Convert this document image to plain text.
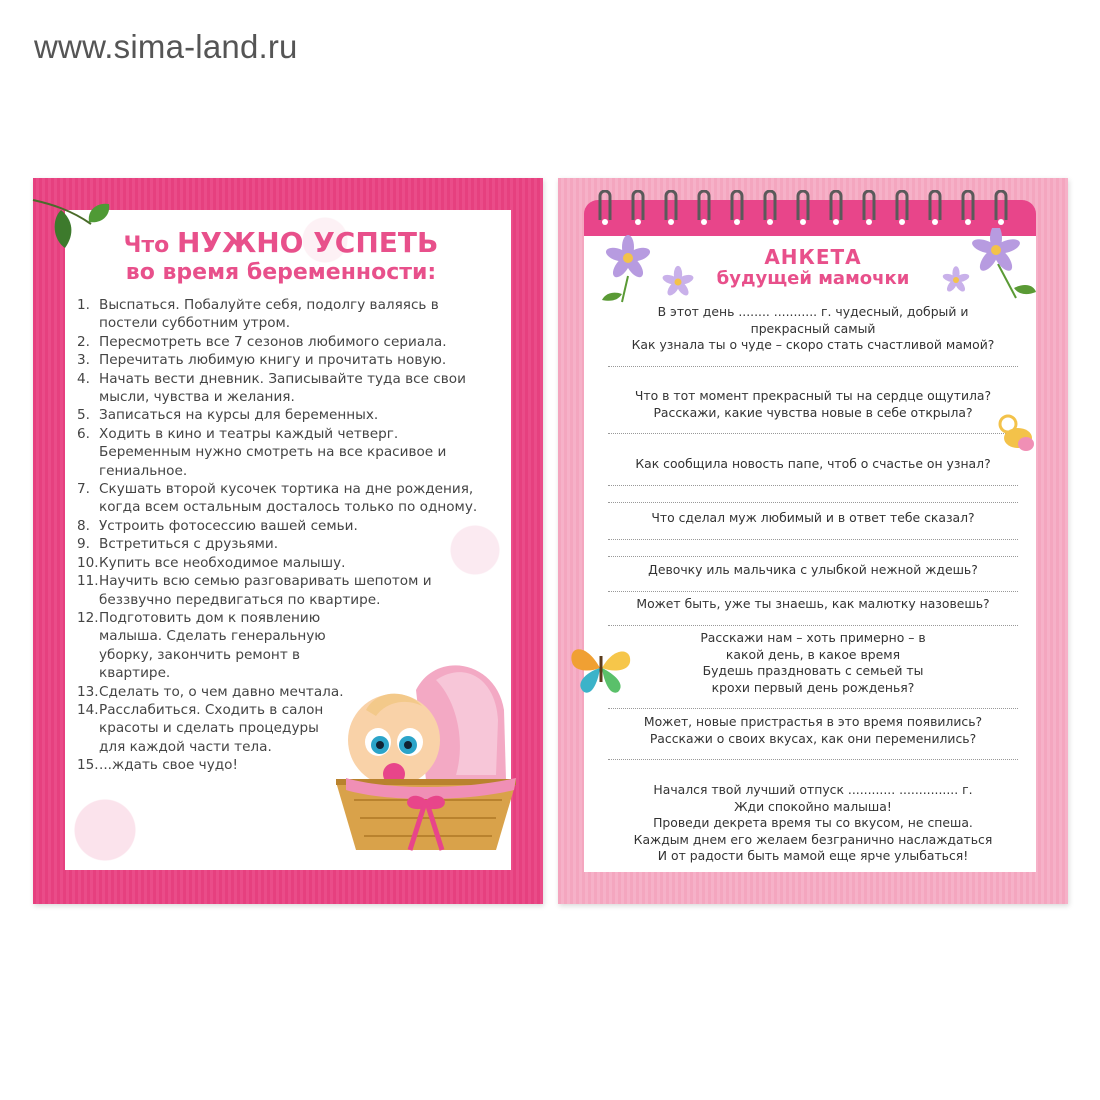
www.sima-land.ru
Что НУЖНО УСПЕТЬ
во время беременности:
1. Выспаться. Побалуйте себя, подолгу валяясь в постели субботним утром.
2. Пересмотреть все 7 сезонов любимого сериала.
3. Перечитать любимую книгу и прочитать новую.
4. Начать вести дневник. Записывайте туда все свои мысли, чувства и желания.
5. Записаться на курсы для беременных.
6. Ходить в кино и театры каждый четверг. Беременным нужно смотреть на все красивое и гениальное.
7. Скушать второй кусочек тортика на дне рождения, когда всем остальным досталось только по одному.
8. Устроить фотосессию вашей семьи.
9. Встретиться с друзьями.
10. Купить все необходимое малышу.
11. Научить всю семью разговаривать шепотом и беззвучно передвигаться по квартире.
12. Подготовить дом к появлению малыша. Сделать генеральную уборку, закончить ремонт в квартире.
13. Сделать то, о чем давно мечтала.
14. Расслабиться. Сходить в салон красоты и сделать процедуры для каждой части тела.
15. ...ждать свое чудо!
АНКЕТА
будущей мамочки
В этот день ........ ........... г. чудесный, добрый и прекрасный самый
Как узнала ты о чуде – скоро стать счастливой мамой?
Что в тот момент прекрасный ты на сердце ощутила?
Расскажи, какие чувства новые в себе открыла?
Как сообщила новость папе, чтоб о счастье он узнал?
Что сделал муж любимый и в ответ тебе сказал?
Девочку иль мальчика с улыбкой нежной ждешь?
Может быть, уже ты знаешь, как малютку назовешь?
Расскажи нам – хоть примерно – в какой день, в какое время
Будешь праздновать с семьей ты крохи первый день рожденья?
Может, новые пристрастья в это время появились?
Расскажи о своих вкусах, как они переменились?
Начался твой лучший отпуск ............ ............... г.
Жди спокойно малыша!
Проведи декрета время ты со вкусом, не спеша.
Каждым днем его желаем безгранично наслаждаться
И от радости быть мамой еще ярче улыбаться!
